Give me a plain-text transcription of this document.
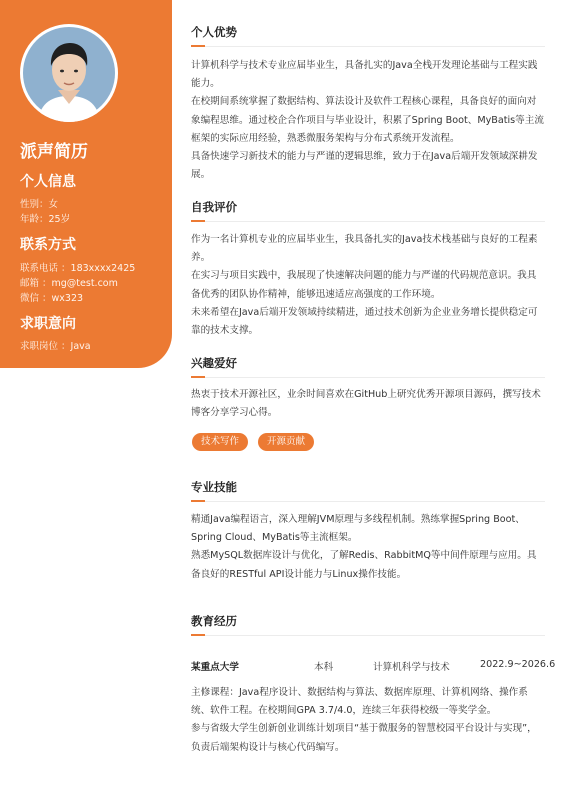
派声简历
个人信息
性别：女
年龄：25岁
联系方式
联系电话 ：183xxxx2425
邮箱 ：mg@test.com
微信 ：wx323
求职意向
求职岗位 ：Java
个人优势
计算机科学与技术专业应届毕业生，具备扎实的Java全栈开发理论基础与工程实践能力。
在校期间系统掌握了数据结构、算法设计及软件工程核心课程，具备良好的面向对象编程思维。通过校企合作项目与毕业设计，积累了Spring Boot、MyBatis等主流框架的实际应用经验，熟悉微服务架构与分布式系统开发流程。
具备快速学习新技术的能力与严谨的逻辑思维，致力于在Java后端开发领域深耕发展。
自我评价
作为一名计算机专业的应届毕业生，我具备扎实的Java技术栈基础与良好的工程素养。
在实习与项目实践中，我展现了快速解决问题的能力与严谨的代码规范意识。我具备优秀的团队协作精神，能够迅速适应高强度的工作环境。
未来希望在Java后端开发领域持续精进，通过技术创新为企业业务增长提供稳定可靠的技术支撑。
兴趣爱好
热衷于技术开源社区，业余时间喜欢在GitHub上研究优秀开源项目源码，撰写技术博客分享学习心得。
技术写作	开源贡献
专业技能
精通Java编程语言，深入理解JVM原理与多线程机制。熟练掌握Spring Boot、Spring Cloud、MyBatis等主流框架。
熟悉MySQL数据库设计与优化，了解Redis、RabbitMQ等中间件原理与应用。具备良好的RESTful API设计能力与Linux操作技能。
教育经历
某重点大学	本科	计算机科学与技术	2022.9~2026.6
主修课程：Java程序设计、数据结构与算法、数据库原理、计算机网络、操作系统、软件工程。在校期间GPA 3.7/4.0，连续三年获得校级一等奖学金。
参与省级大学生创新创业训练计划项目“基于微服务的智慧校园平台设计与实现”，负责后端架构设计与核心代码编写。
